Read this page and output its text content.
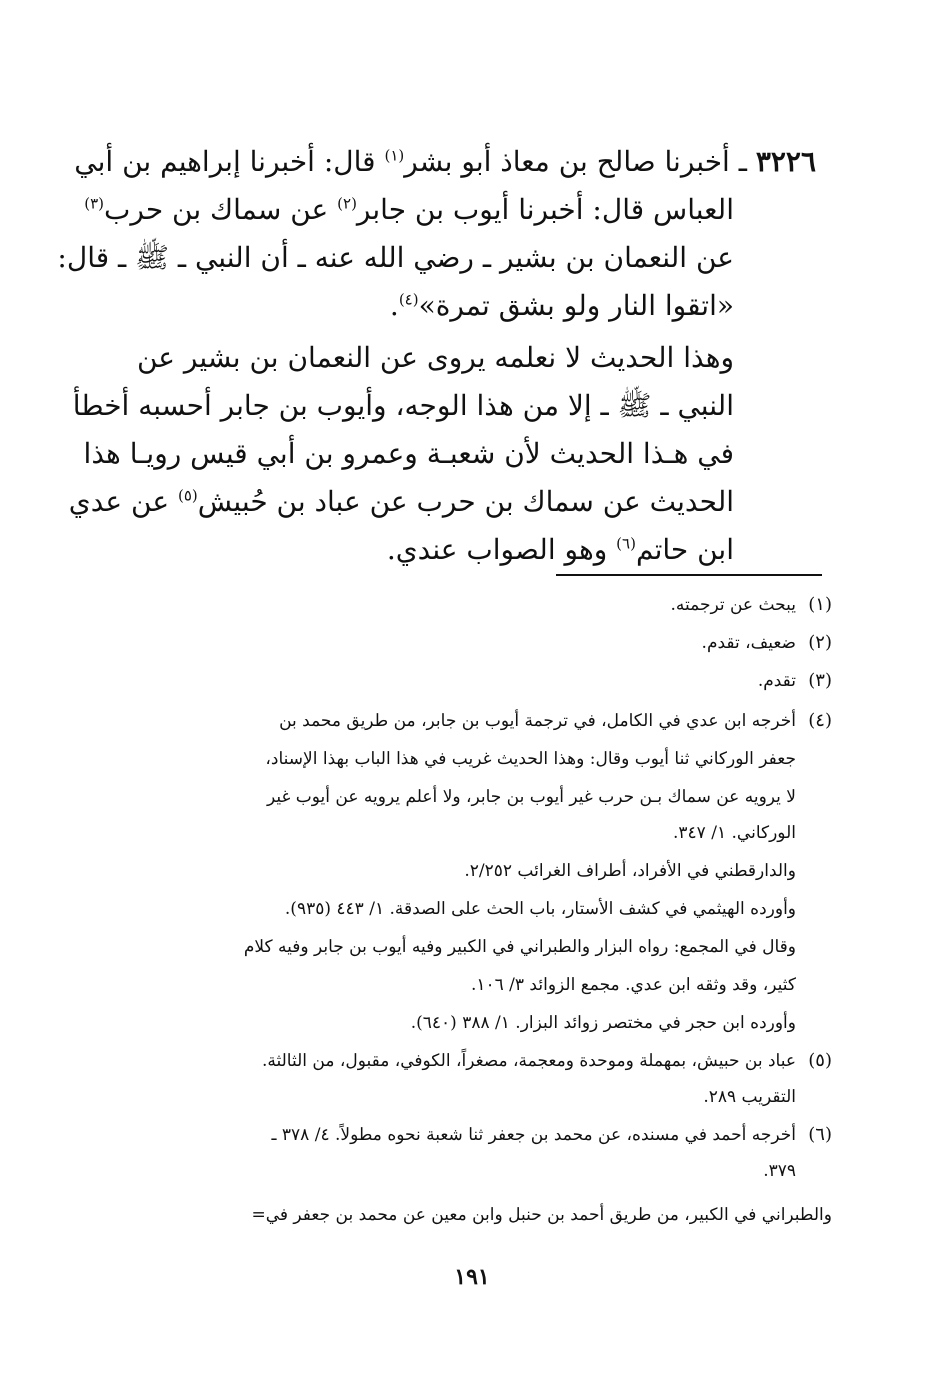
٣٢٢٦ ـ أخبرنا صالح بن معاذ أبو بشر$^{(١)}$ قال: أخبرنا إبراهيم بن أبي
العباس قال: أخبرنا أيوب بن جابر$^{(٢)}$ عن سماك بن حرب$^{(٣)}$
عن النعمان بن بشير ـ رضي الله عنه ـ أن النبي ـ ﷺ ـ قال:
«اتقوا النار ولو بشق تمرة»$^{(٤)}$.
وهذا الحديث لا نعلمه يروى عن النعمان بن بشير عن
النبي ـ ﷺ ـ إلا من هذا الوجه، وأيوب بن جابر أحسبه أخطأ
في هـذا الحديث لأن شعبـة وعمرو بن أبي قيس رويـا هذا
الحديث عن سماك بن حرب عن عباد بن حُبيش$^{(٥)}$ عن عدي
ابن حاتم$^{(٦)}$ وهو الصواب عندي.
(١)
يبحث عن ترجمته.
(٢)
ضعيف، تقدم.
(٣)
تقدم.
(٤)
أخرجه ابن عدي في الكامل، في ترجمة أيوب بن جابر، من طريق محمد بن
جعفر الوركاني ثنا أيوب وقال: وهذا الحديث غريب في هذا الباب بهذا الإسناد،
لا يرويه عن سماك بـن حرب غير أيوب بن جابر، ولا أعلم يرويه عن أيوب غير
الوركاني. ١/ ٣٤٧.
والدارقطني في الأفراد، أطراف الغرائب ٢/٢٥٢.
وأورده الهيثمي في كشف الأستار، باب الحث على الصدقة. ١/ ٤٤٣ (٩٣٥).
وقال في المجمع: رواه البزار والطبراني في الكبير وفيه أيوب بن جابر وفيه كلام
كثير، وقد وثقه ابن عدي. مجمع الزوائد ٣/ ١٠٦.
وأورده ابن حجر في مختصر زوائد البزار. ١/ ٣٨٨ (٦٤٠).
(٥)
عباد بن حبيش، بمهملة وموحدة ومعجمة، مصغراً، الكوفي، مقبول، من الثالثة.
التقريب ٢٨٩.
(٦)
أخرجه أحمد في مسنده، عن محمد بن جعفر ثنا شعبة نحوه مطولاً. ٤/ ٣٧٨ ـ
٣٧٩.
والطبراني في الكبير، من طريق أحمد بن حنبل وابن معين عن محمد بن جعفر في=
١٩١
